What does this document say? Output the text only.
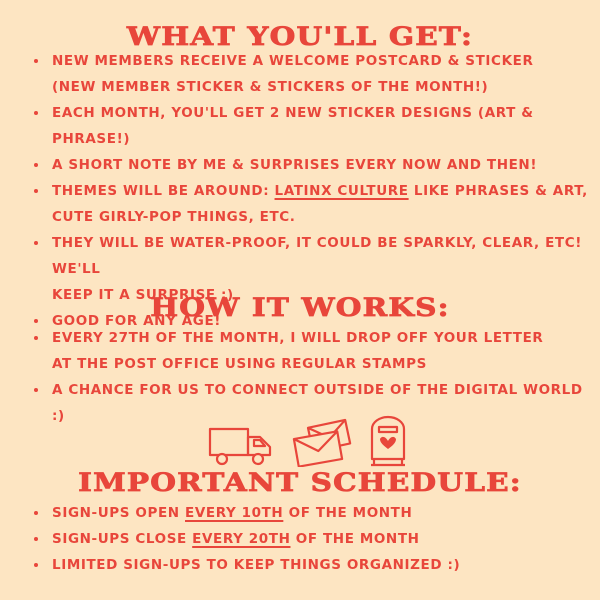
WHAT YOU'LL GET:
NEW MEMBERS RECEIVE A WELCOME POSTCARD & STICKER
(NEW MEMBER STICKER & STICKERS OF THE MONTH!)
EACH MONTH, YOU'LL GET 2 NEW STICKER DESIGNS (ART & PHRASE!)
A SHORT NOTE BY ME & SURPRISES EVERY NOW AND THEN!
THEMES WILL BE AROUND: LATINX CULTURE LIKE PHRASES & ART,
CUTE GIRLY-POP THINGS, ETC.
THEY WILL BE WATER-PROOF, IT COULD BE SPARKLY, CLEAR, ETC! WE'LL
KEEP IT A SURPRISE ;)
GOOD FOR ANY AGE!
HOW IT WORKS:
EVERY 27TH OF THE MONTH, I WILL DROP OFF YOUR LETTER
AT THE POST OFFICE USING REGULAR STAMPS
A CHANCE FOR US TO CONNECT OUTSIDE OF THE DIGITAL WORLD :)
IMPORTANT SCHEDULE:
SIGN-UPS OPEN EVERY 10TH OF THE MONTH
SIGN-UPS CLOSE EVERY 20TH OF THE MONTH
LIMITED SIGN-UPS TO KEEP THINGS ORGANIZED :)
